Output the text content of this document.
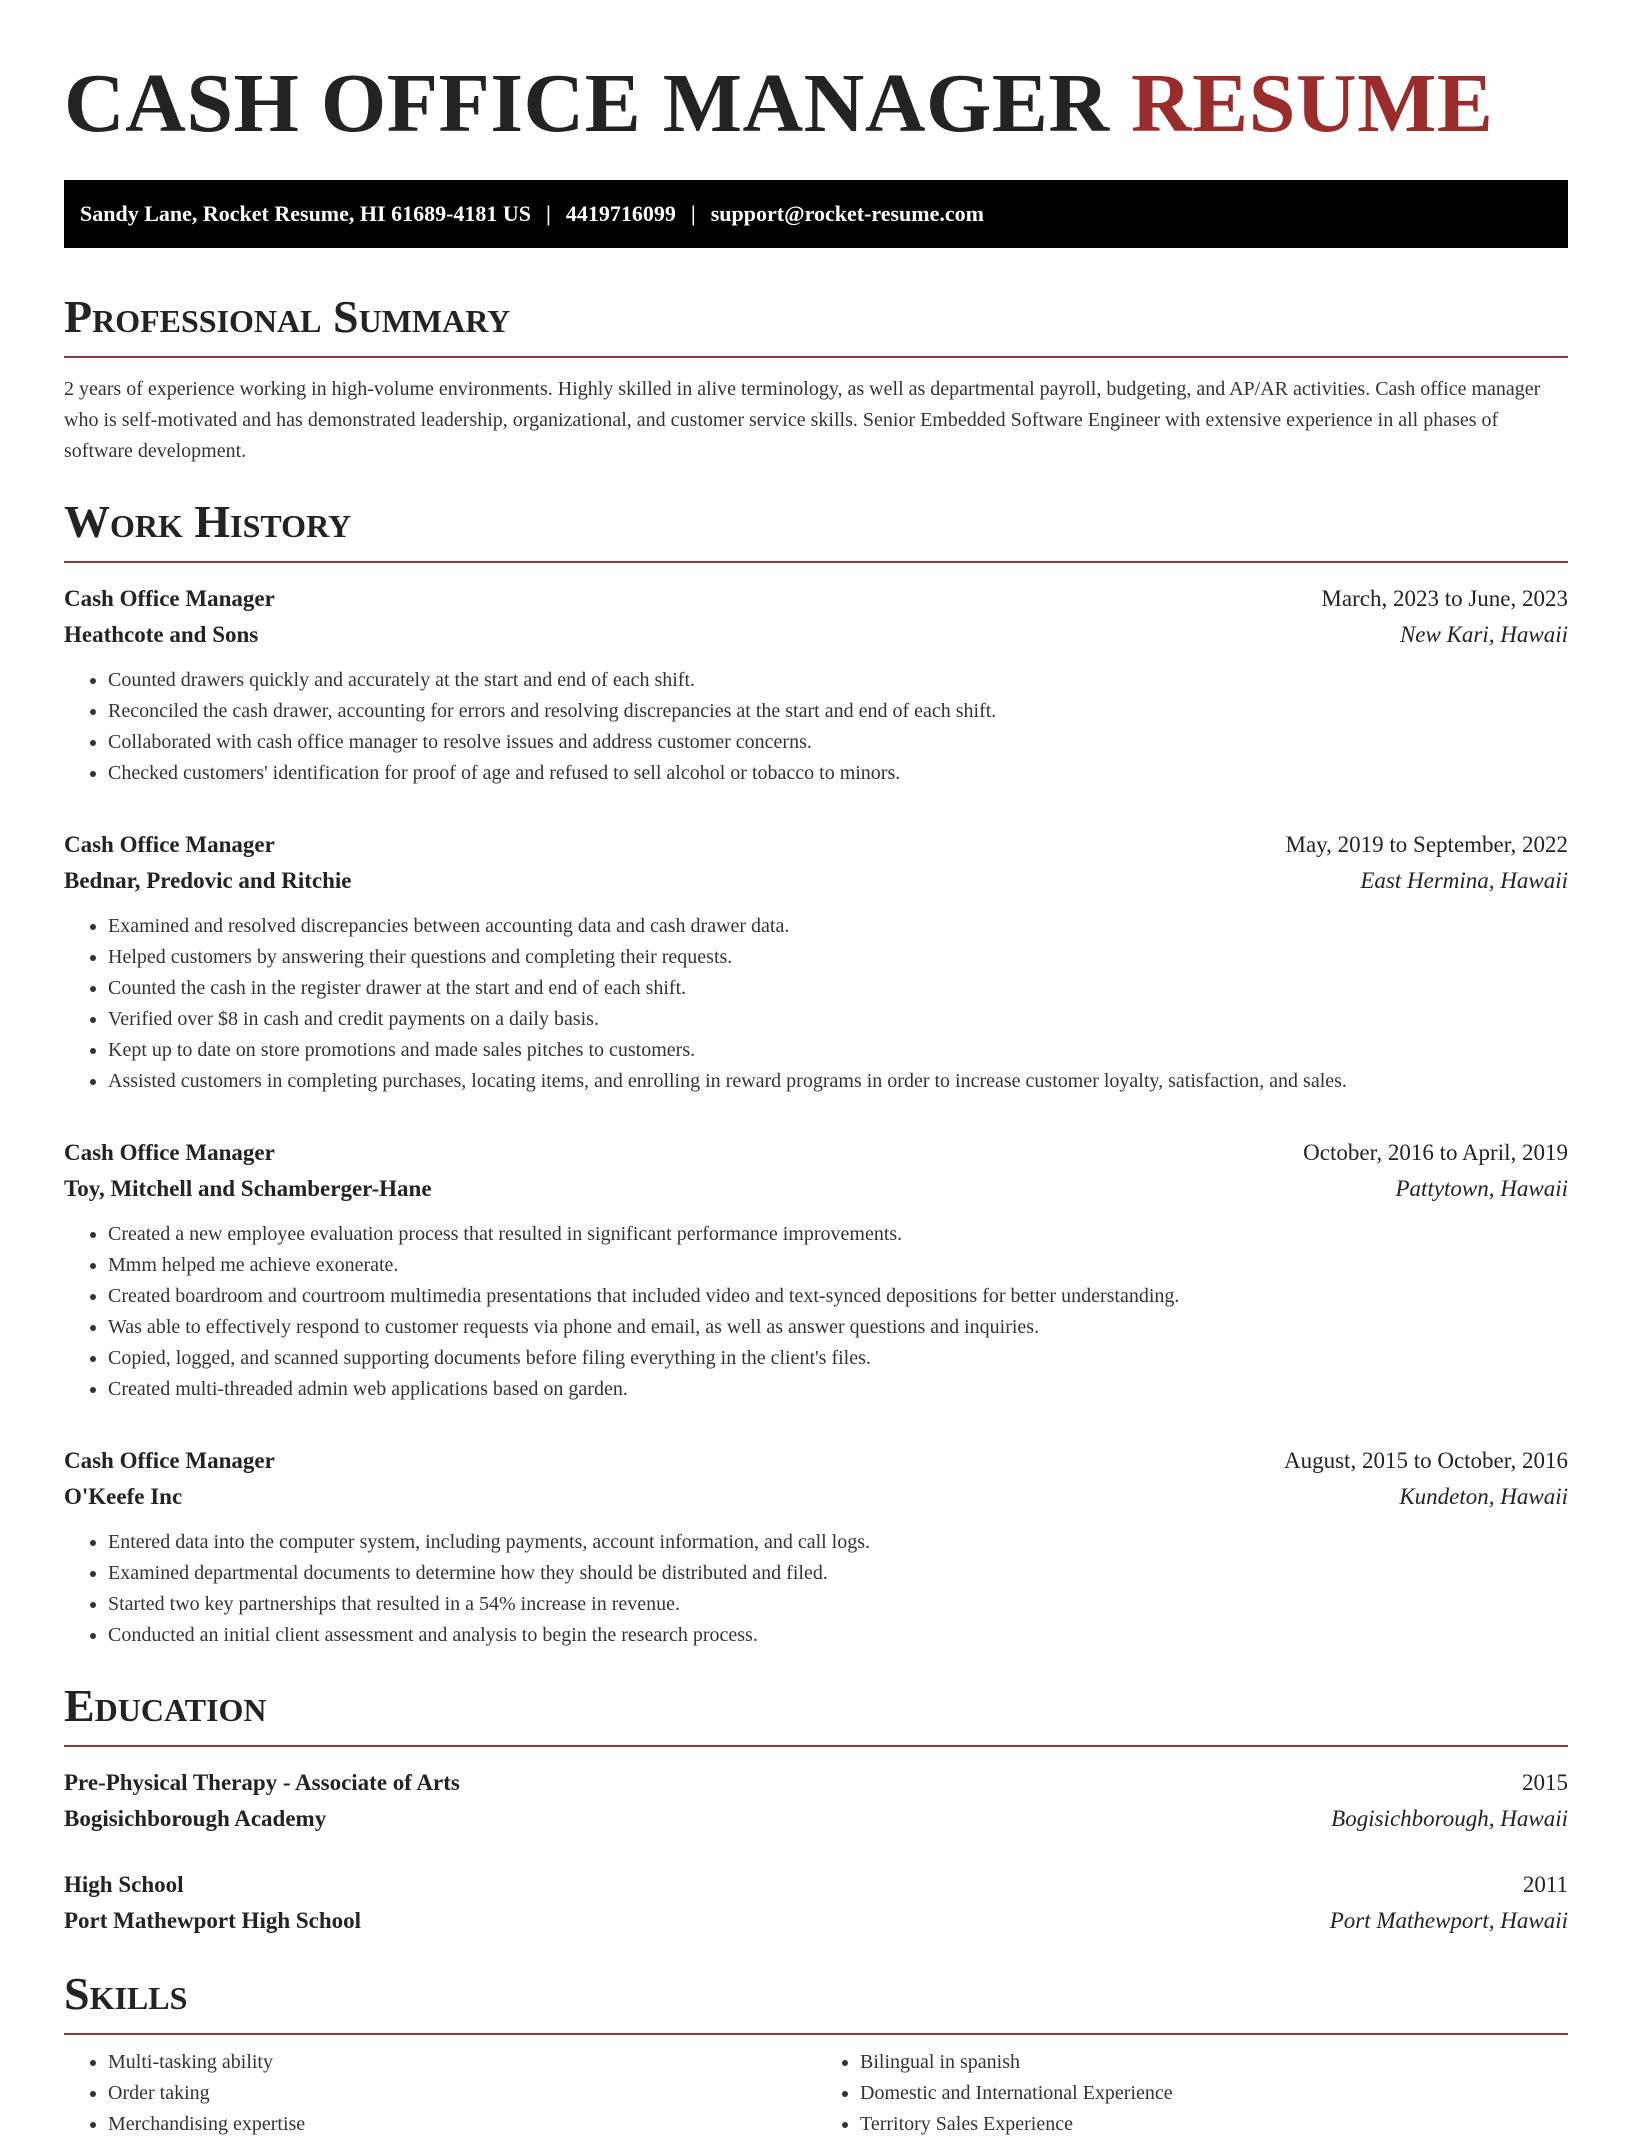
CASH OFFICE MANAGER RESUME
Sandy Lane, Rocket Resume, HI 61689-4181 US | 4419716099 | support@rocket-resume.com
Professional Summary
2 years of experience working in high-volume environments. Highly skilled in alive terminology, as well as departmental payroll, budgeting, and AP/AR activities. Cash office manager who is self-motivated and has demonstrated leadership, organizational, and customer service skills. Senior Embedded Software Engineer with extensive experience in all phases of software development.
Work History
Cash Office Manager	March, 2023 to June, 2023
Heathcote and Sons	New Kari, Hawaii
• Counted drawers quickly and accurately at the start and end of each shift.
• Reconciled the cash drawer, accounting for errors and resolving discrepancies at the start and end of each shift.
• Collaborated with cash office manager to resolve issues and address customer concerns.
• Checked customers' identification for proof of age and refused to sell alcohol or tobacco to minors.
Cash Office Manager	May, 2019 to September, 2022
Bednar, Predovic and Ritchie	East Hermina, Hawaii
• Examined and resolved discrepancies between accounting data and cash drawer data.
• Helped customers by answering their questions and completing their requests.
• Counted the cash in the register drawer at the start and end of each shift.
• Verified over $8 in cash and credit payments on a daily basis.
• Kept up to date on store promotions and made sales pitches to customers.
• Assisted customers in completing purchases, locating items, and enrolling in reward programs in order to increase customer loyalty, satisfaction, and sales.
Cash Office Manager	October, 2016 to April, 2019
Toy, Mitchell and Schamberger-Hane	Pattytown, Hawaii
• Created a new employee evaluation process that resulted in significant performance improvements.
• Mmm helped me achieve exonerate.
• Created boardroom and courtroom multimedia presentations that included video and text-synced depositions for better understanding.
• Was able to effectively respond to customer requests via phone and email, as well as answer questions and inquiries.
• Copied, logged, and scanned supporting documents before filing everything in the client's files.
• Created multi-threaded admin web applications based on garden.
Cash Office Manager	August, 2015 to October, 2016
O'Keefe Inc	Kundeton, Hawaii
• Entered data into the computer system, including payments, account information, and call logs.
• Examined departmental documents to determine how they should be distributed and filed.
• Started two key partnerships that resulted in a 54% increase in revenue.
• Conducted an initial client assessment and analysis to begin the research process.
Education
Pre-Physical Therapy - Associate of Arts	2015
Bogisichborough Academy	Bogisichborough, Hawaii
High School	2011
Port Mathewport High School	Port Mathewport, Hawaii
Skills
• Multi-tasking ability
• Order taking
• Merchandising expertise
• Bilingual in spanish
• Domestic and International Experience
• Territory Sales Experience
